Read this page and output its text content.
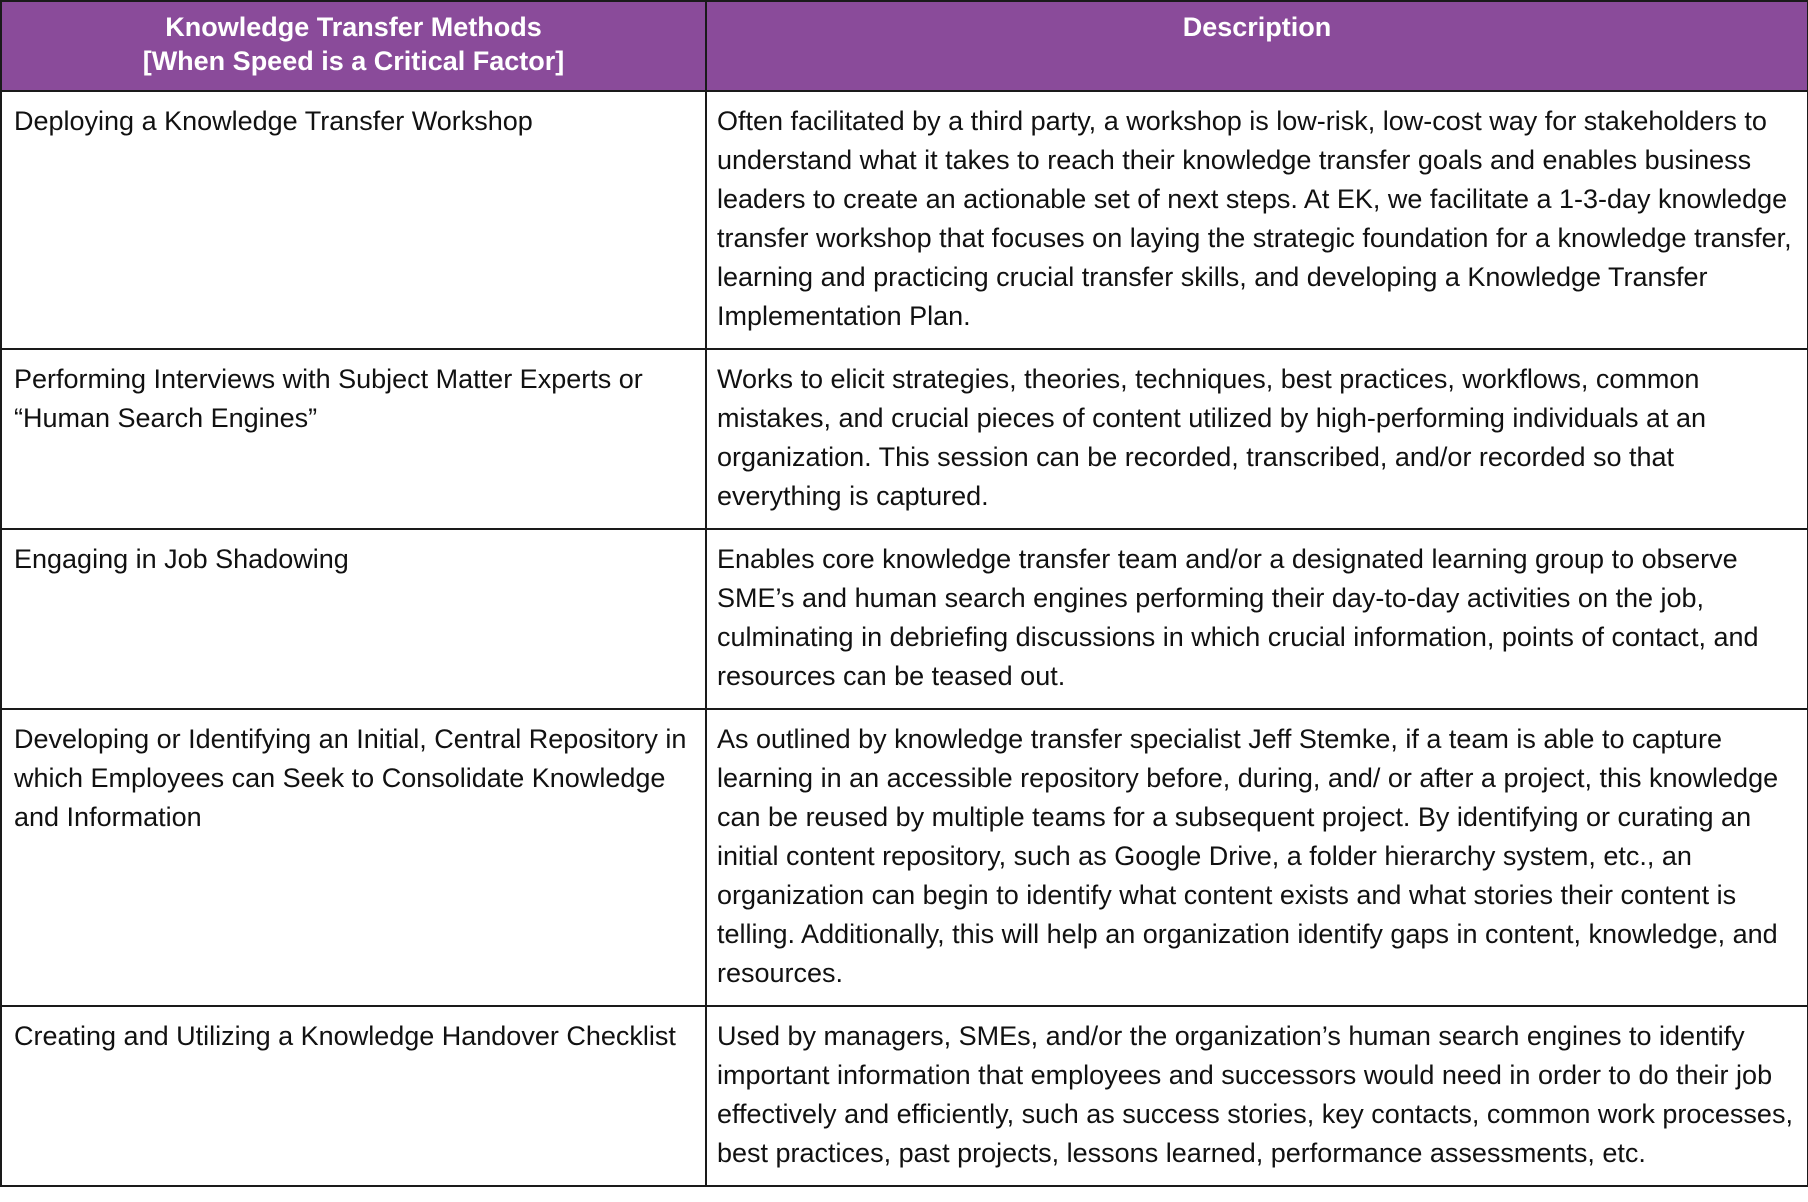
Knowledge Transfer Methods
[When Speed is a Critical Factor]	Description
Deploying a Knowledge Transfer Workshop	Often facilitated by a third party, a workshop is low-risk, low-cost way for stakeholders to understand what it takes to reach their knowledge transfer goals and enables business leaders to create an actionable set of next steps. At EK, we facilitate a 1-3-day knowledge transfer workshop that focuses on laying the strategic foundation for a knowledge transfer, learning and practicing crucial transfer skills, and developing a Knowledge Transfer Implementation Plan.
Performing Interviews with Subject Matter Experts or “Human Search Engines”	Works to elicit strategies, theories, techniques, best practices, workflows, common mistakes, and crucial pieces of content utilized by high-performing individuals at an organization. This session can be recorded, transcribed, and/or recorded so that everything is captured.
Engaging in Job Shadowing	Enables core knowledge transfer team and/or a designated learning group to observe SME’s and human search engines performing their day-to-day activities on the job, culminating in debriefing discussions in which crucial information, points of contact, and resources can be teased out.
Developing or Identifying an Initial, Central Repository in which Employees can Seek to Consolidate Knowledge and Information	As outlined by knowledge transfer specialist Jeff Stemke, if a team is able to capture learning in an accessible repository before, during, and/ or after a project, this knowledge can be reused by multiple teams for a subsequent project. By identifying or curating an initial content repository, such as Google Drive, a folder hierarchy system, etc., an organization can begin to identify what content exists and what stories their content is telling. Additionally, this will help an organization identify gaps in content, knowledge, and resources.
Creating and Utilizing a Knowledge Handover Checklist	Used by managers, SMEs, and/or the organization’s human search engines to identify important information that employees and successors would need in order to do their job effectively and efficiently, such as success stories, key contacts, common work processes, best practices, past projects, lessons learned, performance assessments, etc.
